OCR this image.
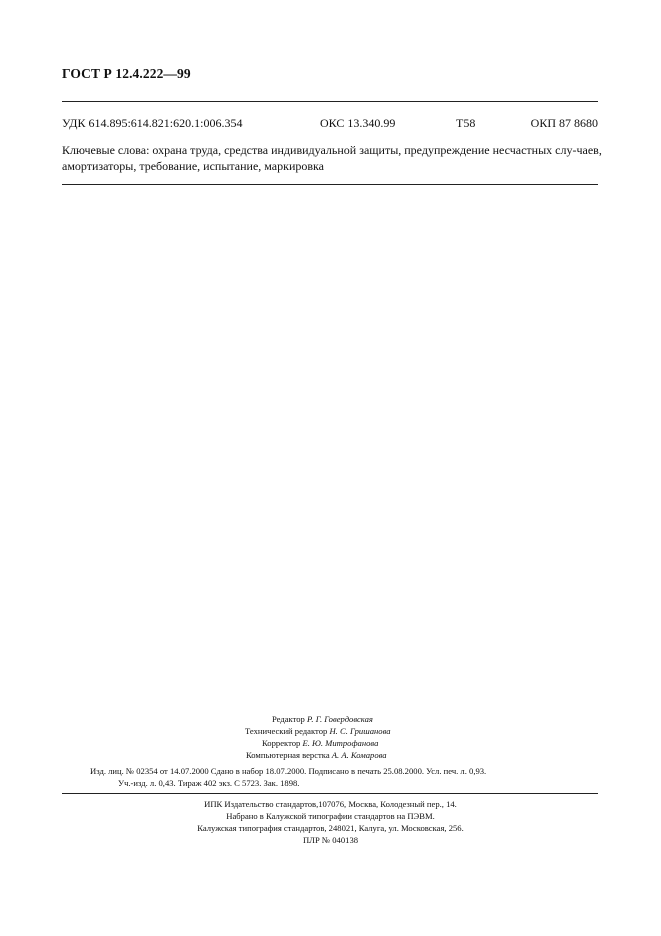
ГОСТ Р 12.4.222—99
УДК 614.895:614.821:620.1:006.354	ОКС 13.340.99	Т58	ОКП 87 8680
Ключевые слова: охрана труда, средства индивидуальной защиты, предупреждение несчастных слу-чаев, амортизаторы, требование, испытание, маркировка
Редактор Р. Г. Говердовская
Технический редактор Н. С. Гришанова
Корректор Е. Ю. Митрофанова
Компьютерная верстка А. А. Комарова
Изд. лиц. № 02354 от 14.07.2000 Сдано в набор 18.07.2000. Подписано в печать 25.08.2000. Усл. печ. л. 0,93.
Уч.-изд. л. 0,43. Тираж 402 экз. С 5723. Зак. 1898.
ИПК Издательство стандартов,107076, Москва, Колодезный пер., 14.
Набрано в Калужской типографии стандартов на ПЭВМ.
Калужская типография стандартов, 248021, Калуга, ул. Московская, 256.
ПЛР № 040138
